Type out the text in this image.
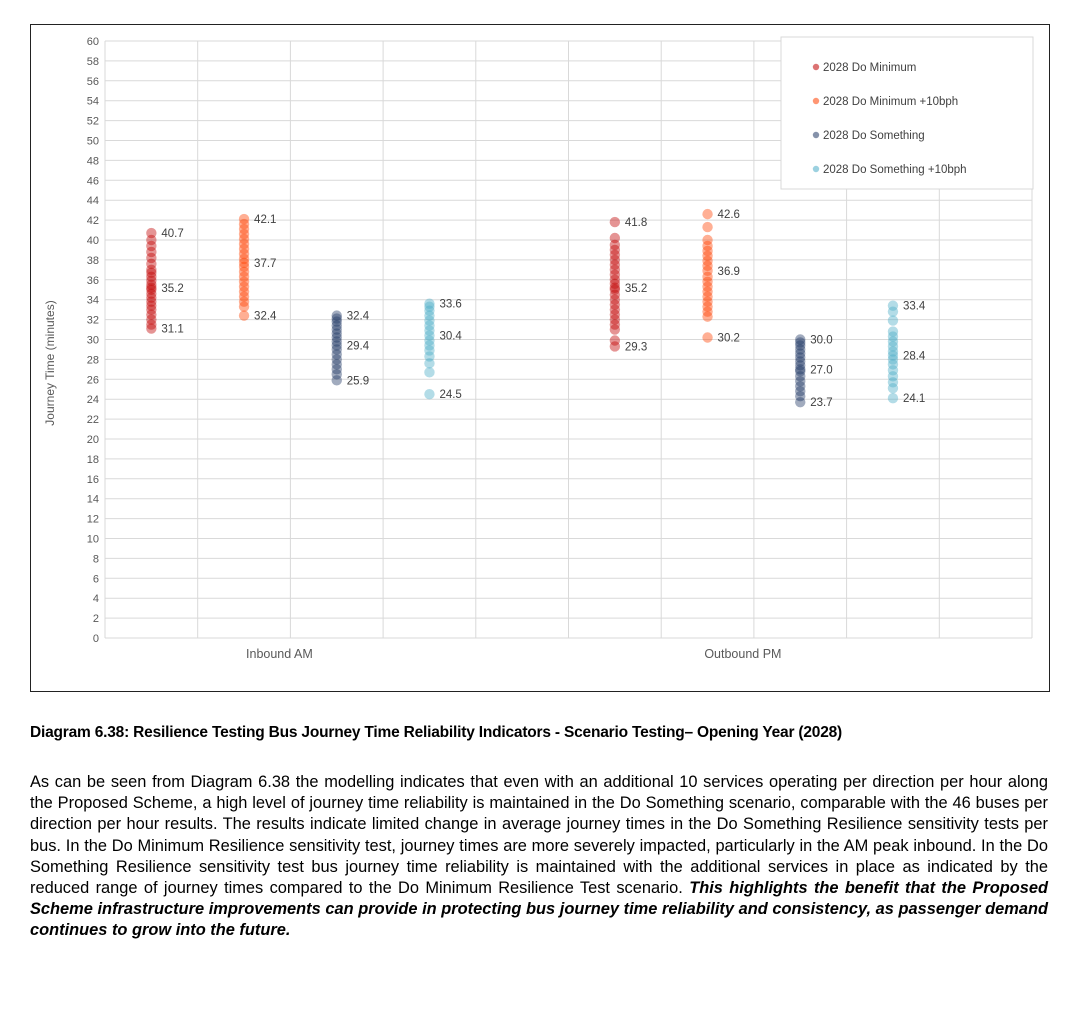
0
2
4
6
8
10
12
14
16
18
20
22
24
26
28
30
32
34
36
38
40
42
44
46
48
50
52
54
56
58
60
Inbound AM	Outbound PM
Journey Time (minutes)
40.7
35.2
31.1
41.8
35.2
29.3
42.1
37.7
32.4
42.6
36.9
30.2
32.4
29.4
25.9
30.0
27.0
23.7
33.6
30.4
24.5
33.4
28.4
24.1
2028 Do Minimum
2028 Do Minimum +10bph
2028 Do Something
2028 Do Something +10bph
Diagram 6.38: Resilience Testing Bus Journey Time Reliability Indicators - Scenario Testing– Opening Year (2028)

As can be seen from Diagram 6.38 the modelling indicates that even with an additional 10 services operating per direction per hour along the Proposed Scheme, a high level of journey time reliability is maintained in the Do Something scenario, comparable with the 46 buses per direction per hour results. The results indicate limited change in average journey times in the Do Something Resilience sensitivity tests per bus. In the Do Minimum Resilience sensitivity test, journey times are more severely impacted, particularly in the AM peak inbound. In the Do Something Resilience sensitivity test bus journey time reliability is maintained with the additional services in place as indicated by the reduced range of journey times compared to the Do Minimum Resilience Test scenario. This highlights the benefit that the Proposed Scheme infrastructure improvements can provide in protecting bus journey time reliability and consistency, as passenger demand continues to grow into the future.
